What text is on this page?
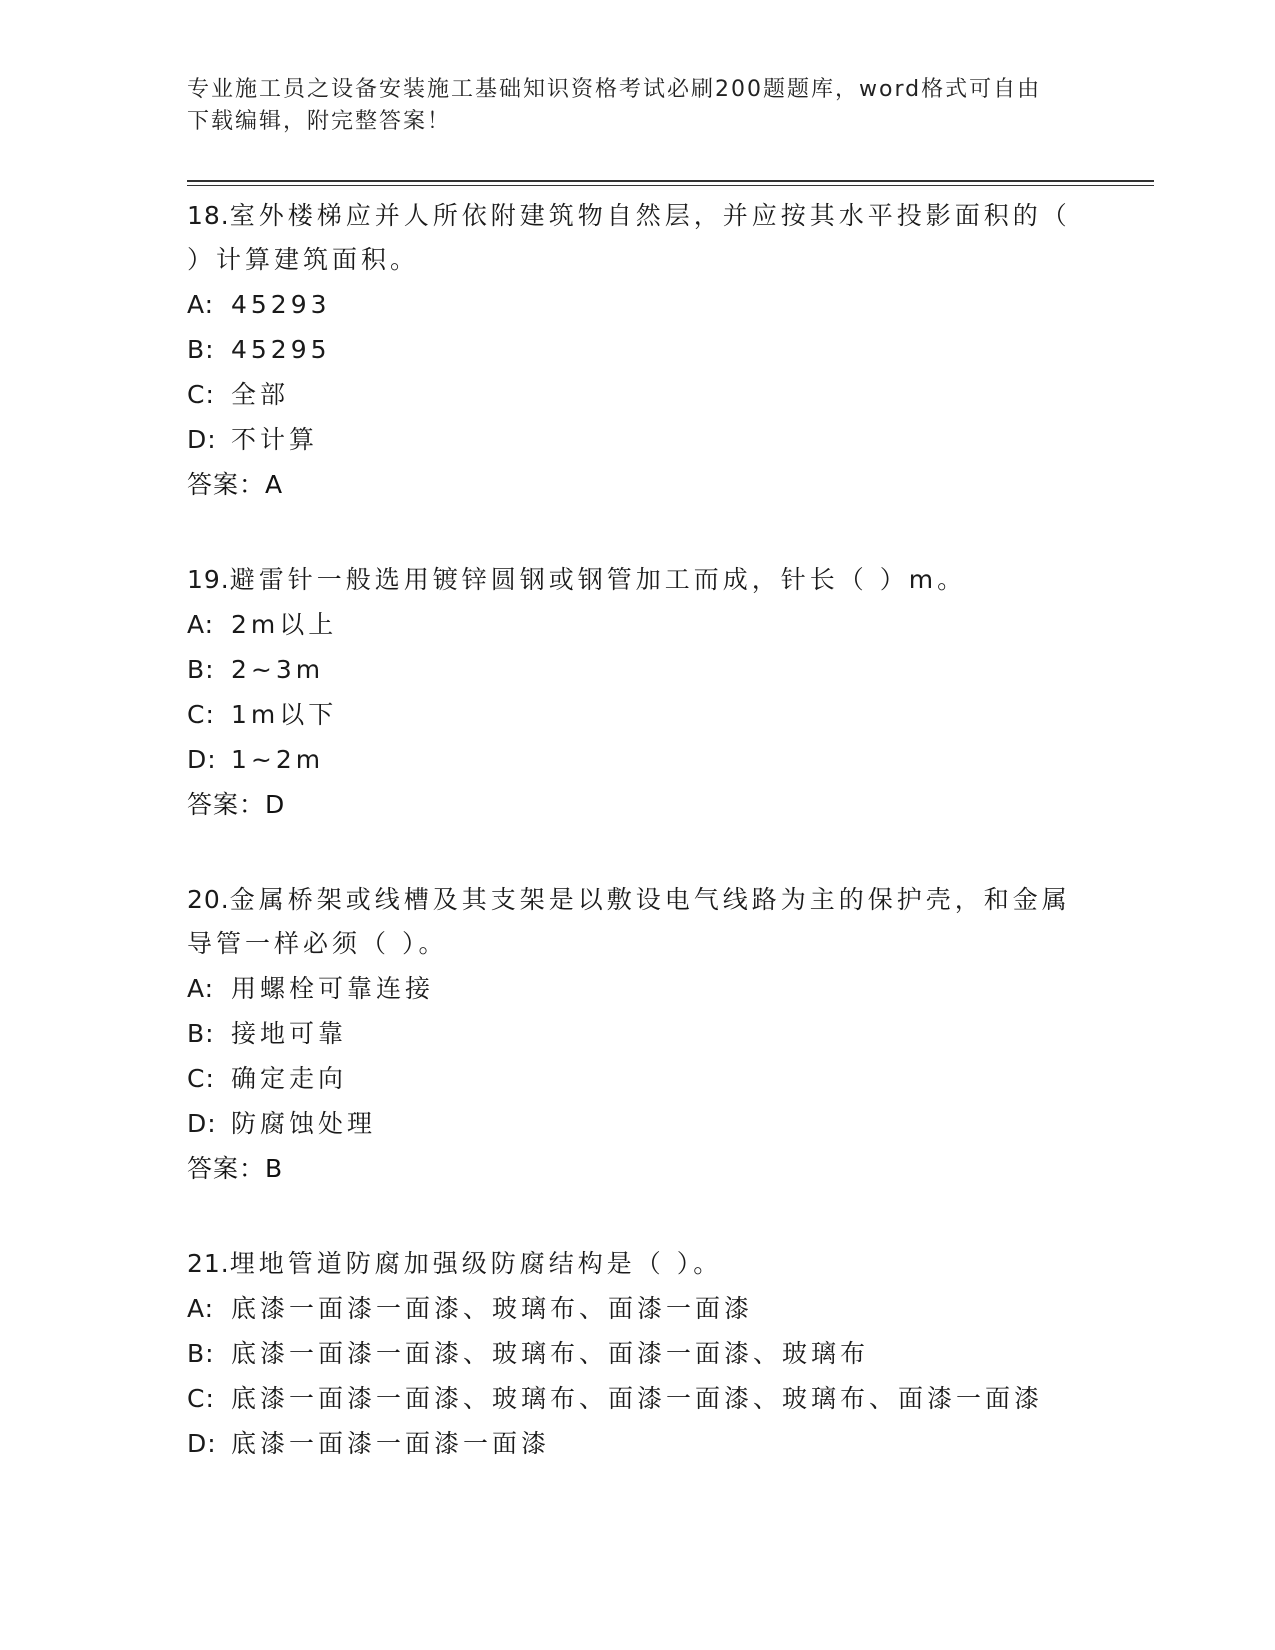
专业施工员之设备安装施工基础知识资格考试必刷200题题库，word格式可自由
下载编辑，附完整答案！
18.室外楼梯应并人所依附建筑物自然层，并应按其水平投影面积的（
）计算建筑面积。
A: 45293
B: 45295
C: 全部
D: 不计算
答案：A
19.避雷针一般选用镀锌圆钢或钢管加工而成，针长（ ）m。
A: 2m以上
B: 2~3m
C: 1m以下
D: 1~2m
答案：D
20.金属桥架或线槽及其支架是以敷设电气线路为主的保护壳，和金属
导管一样必须（ ）。
A: 用螺栓可靠连接
B: 接地可靠
C: 确定走向
D: 防腐蚀处理
答案：B
21.埋地管道防腐加强级防腐结构是（ ）。
A: 底漆一面漆一面漆、玻璃布、面漆一面漆
B: 底漆一面漆一面漆、玻璃布、面漆一面漆、玻璃布
C: 底漆一面漆一面漆、玻璃布、面漆一面漆、玻璃布、面漆一面漆
D: 底漆一面漆一面漆一面漆
